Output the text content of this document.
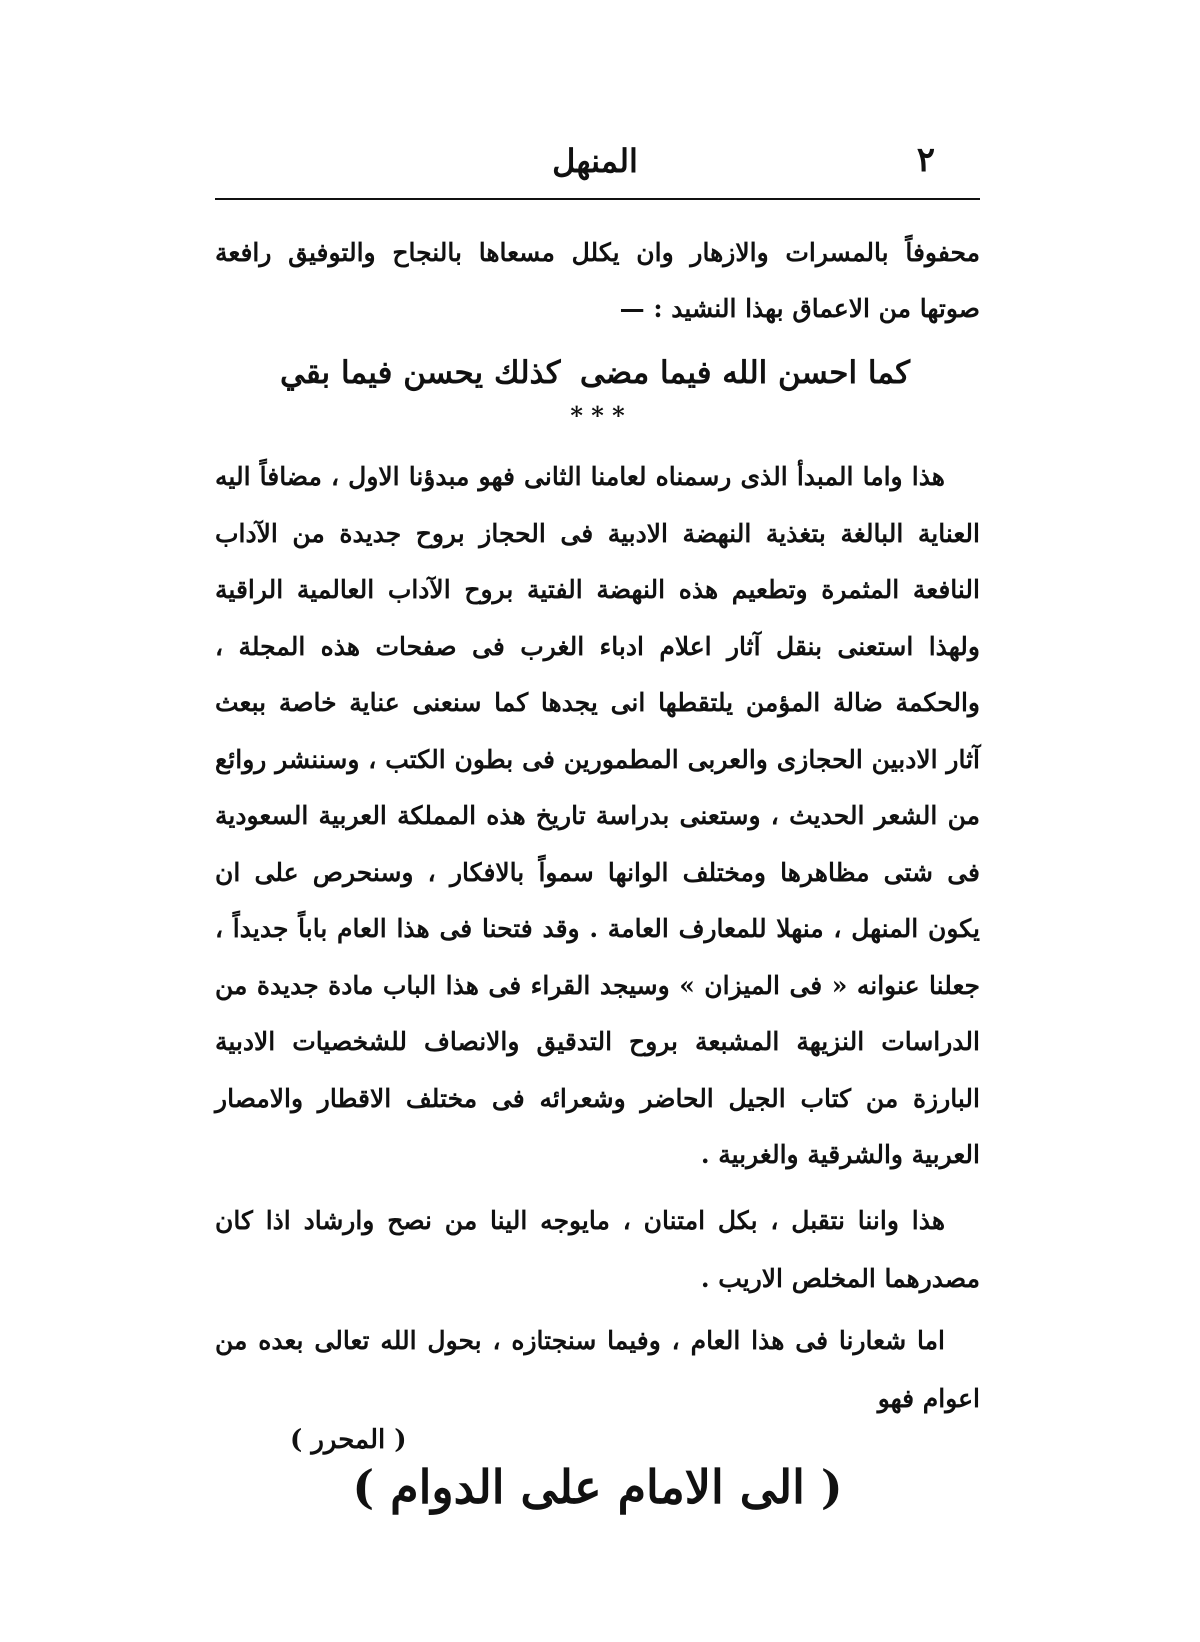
٢
المنهل

محفوفاً بالمسرات والازهار وان يكلل مسعاها بالنجاح والتوفيق رافعة صوتها من الاعماق بهذا النشيد : —

كما احسن الله فيما مضى
كذلك يحسن فيما بقي

* * *

هذا واما المبدأ الذى رسمناه لعامنا الثانى فهو مبدؤنا الاول ، مضافاً اليه العناية البالغة بتغذية النهضة الادبية فى الحجاز بروح جديدة من الآداب النافعة المثمرة وتطعيم هذه النهضة الفتية بروح الآداب العالمية الراقية ولهذا استعنى بنقل آثار اعلام ادباء الغرب فى صفحات هذه المجلة ، والحكمة ضالة المؤمن يلتقطها انى يجدها كما سنعنى عناية خاصة ببعث آثار الادبين الحجازى والعربى المطمورين فى بطون الكتب ، وسننشر روائع من الشعر الحديث ، وستعنى بدراسة تاريخ هذه المملكة العربية السعودية فى شتى مظاهرها ومختلف الوانها سمواً بالافكار ، وسنحرص على ان يكون المنهل ، منهلا للمعارف العامة . وقد فتحنا فى هذا العام باباً جديداً ، جعلنا عنوانه « فى الميزان » وسيجد القراء فى هذا الباب مادة جديدة من الدراسات النزيهة المشبعة بروح التدقيق والانصاف للشخصيات الادبية البارزة من كتاب الجيل الحاضر وشعرائه فى مختلف الاقطار والامصار العربية والشرقية والغربية .

هذا واننا نتقبل ، بكل امتنان ، مايوجه الينا من نصح وارشاد اذا كان مصدرهما المخلص الاريب .

اما شعارنا فى هذا العام ، وفيما سنجتازه ، بحول الله تعالى بعده من اعوام فهو

( الى الامام على الدوام )

( المحرر )
